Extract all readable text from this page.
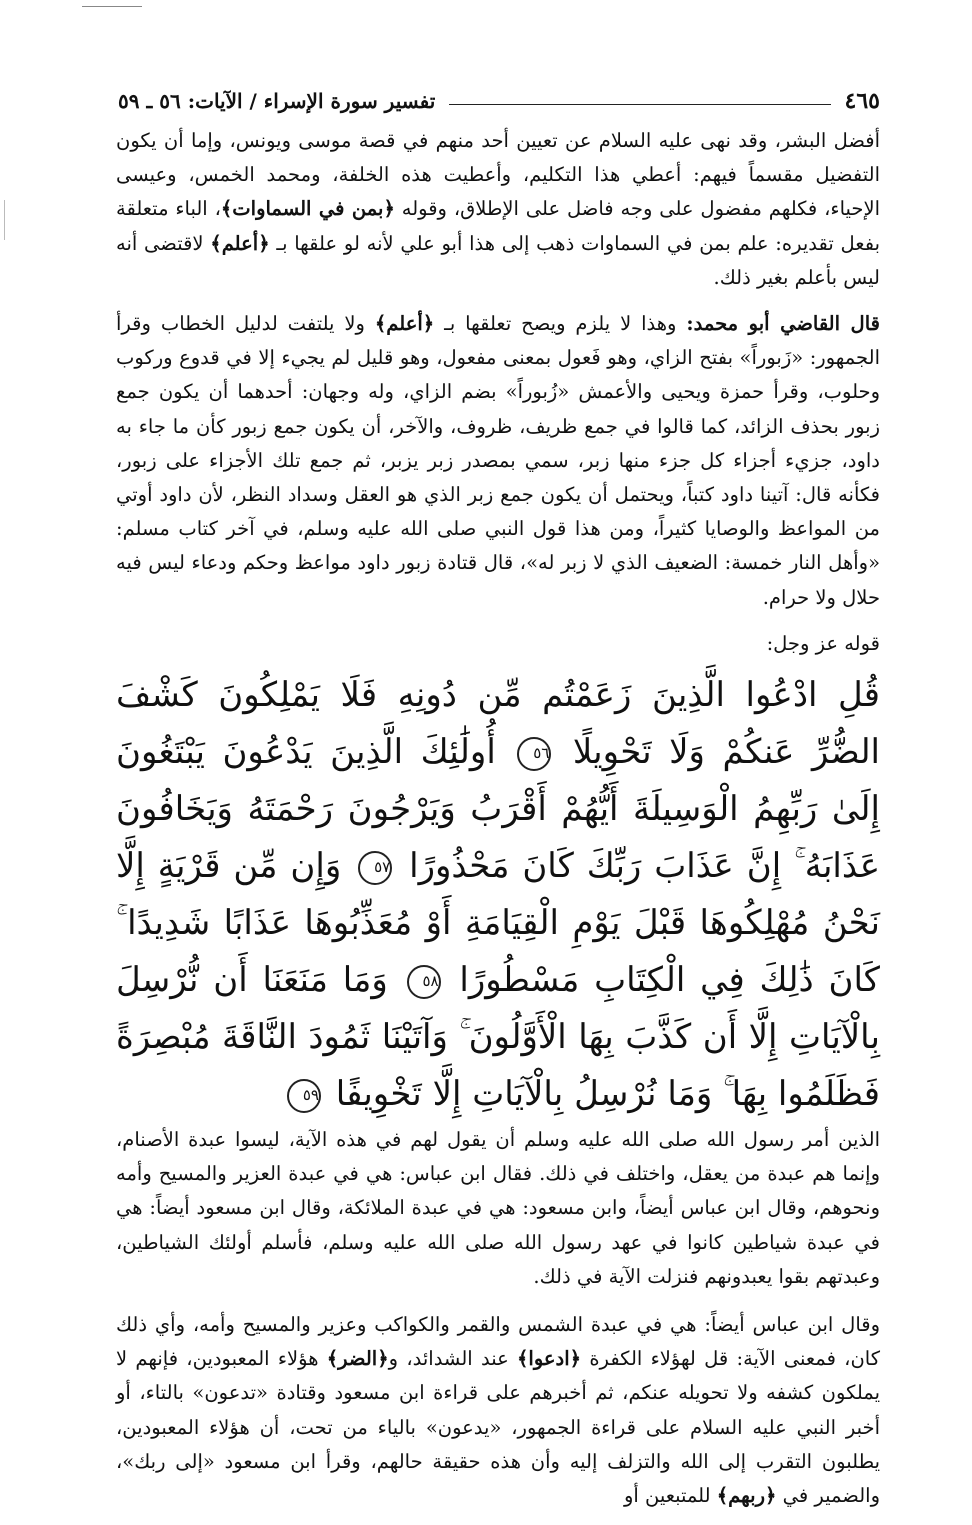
تفسير سورة الإسراء / الآيات: ٥٦ ـ ٥٩	٤٦٥

أفضل البشر، وقد نهى عليه السلام عن تعيين أحد منهم في قصة موسى ويونس، وإما أن يكون التفضيل مقسماً فيهم: أعطي هذا التكليم، وأعطيت هذه الخلفة، ومحمد الخمس، وعيسى الإحياء، فكلهم مفضول على وجه فاضل على الإطلاق، وقوله ﴿بمن في السماوات﴾، الباء متعلقة بفعل تقديره: علم بمن في السماوات ذهب إلى هذا أبو علي لأنه لو علقها بـ ﴿أعلم﴾ لاقتضى أنه ليس بأعلم بغير ذلك.

قال القاضي أبو محمد: وهذا لا يلزم ويصح تعلقها بـ ﴿أعلم﴾ ولا يلتفت لدليل الخطاب وقرأ الجمهور: «زَبوراً» بفتح الزاي، وهو فَعول بمعنى مفعول، وهو قليل لم يجيء إلا في قدوع وركوب وحلوب، وقرأ حمزة ويحيى والأعمش «زُبوراً» بضم الزاي، وله وجهان: أحدهما أن يكون جمع زبور بحذف الزائد، كما قالوا في جمع ظريف، ظروف، والآخر، أن يكون جمع زبور كأن ما جاء به داود، جزيء أجزاء كل جزء منها زبر، سمي بمصدر زبر يزبر، ثم جمع تلك الأجزاء على زبور، فكأنه قال: آتينا داود كتباً، ويحتمل أن يكون جمع زبر الذي هو العقل وسداد النظر، لأن داود أوتي من المواعظ والوصايا كثيراً، ومن هذا قول النبي صلى الله عليه وسلم، في آخر كتاب مسلم: «وأهل النار خمسة: الضعيف الذي لا زبر له»، قال قتادة زبور داود مواعظ وحكم ودعاء ليس فيه حلال ولا حرام.

قوله عز وجل:

قُلِ ادْعُوا الَّذِينَ زَعَمْتُم مِّن دُونِهِ فَلَا يَمْلِكُونَ كَشْفَ الضُّرِّ عَنكُمْ وَلَا تَحْوِيلًا ٥٦ أُولَٰئِكَ الَّذِينَ يَدْعُونَ يَبْتَغُونَ إِلَىٰ رَبِّهِمُ الْوَسِيلَةَ أَيُّهُمْ أَقْرَبُ وَيَرْجُونَ رَحْمَتَهُ وَيَخَافُونَ عَذَابَهُ ۚ إِنَّ عَذَابَ رَبِّكَ كَانَ مَحْذُورًا ٥٧ وَإِن مِّن قَرْيَةٍ إِلَّا نَحْنُ مُهْلِكُوهَا قَبْلَ يَوْمِ الْقِيَامَةِ أَوْ مُعَذِّبُوهَا عَذَابًا شَدِيدًا ۚ كَانَ ذَٰلِكَ فِي الْكِتَابِ مَسْطُورًا ٥٨ وَمَا مَنَعَنَا أَن نُّرْسِلَ بِالْآيَاتِ إِلَّا أَن كَذَّبَ بِهَا الْأَوَّلُونَ ۚ وَآتَيْنَا ثَمُودَ النَّاقَةَ مُبْصِرَةً فَظَلَمُوا بِهَا ۚ وَمَا نُرْسِلُ بِالْآيَاتِ إِلَّا تَخْوِيفًا ٥٩

الذين أمر رسول الله صلى الله عليه وسلم أن يقول لهم في هذه الآية، ليسوا عبدة الأصنام، وإنما هم عبدة من يعقل، واختلف في ذلك. فقال ابن عباس: هي في عبدة العزير والمسيح وأمه ونحوهم، وقال ابن عباس أيضاً، وابن مسعود: هي في عبدة الملائكة، وقال ابن مسعود أيضاً: هي في عبدة شياطين كانوا في عهد رسول الله صلى الله عليه وسلم، فأسلم أولئك الشياطين، وعبدتهم بقوا يعبدونهم فنزلت الآية في ذلك.

وقال ابن عباس أيضاً: هي في عبدة الشمس والقمر والكواكب وعزير والمسيح وأمه، وأي ذلك كان، فمعنى الآية: قل لهؤلاء الكفرة ﴿ادعوا﴾ عند الشدائد، و﴿الضر﴾ هؤلاء المعبودين، فإنهم لا يملكون كشفه ولا تحويله عنكم، ثم أخبرهم على قراءة ابن مسعود وقتادة «تدعون» بالتاء، أو أخبر النبي عليه السلام على قراءة الجمهور، «يدعون» بالياء من تحت، أن هؤلاء المعبودين، يطلبون التقرب إلى الله والتزلف إليه وأن هذه حقيقة حالهم، وقرأ ابن مسعود «إلى ربك»، والضمير في ﴿ربهم﴾ للمتبعين أو
